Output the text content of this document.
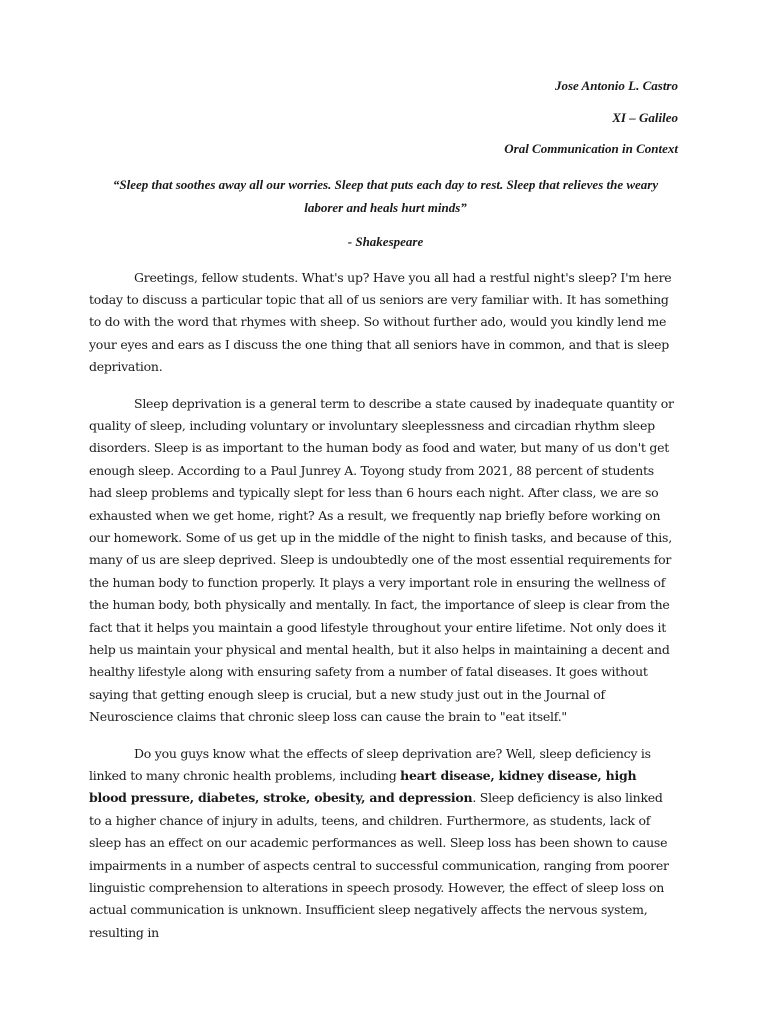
Jose Antonio L. Castro
XI – Galileo
Oral Communication in Context
“Sleep that soothes away all our worries. Sleep that puts each day to rest. Sleep that relieves the weary laborer and heals hurt minds”
- Shakespeare

Greetings, fellow students. What's up? Have you all had a restful night's sleep? I'm here today to discuss a particular topic that all of us seniors are very familiar with. It has something to do with the word that rhymes with sheep. So without further ado, would you kindly lend me your eyes and ears as I discuss the one thing that all seniors have in common, and that is sleep deprivation.

Sleep deprivation is a general term to describe a state caused by inadequate quantity or quality of sleep, including voluntary or involuntary sleeplessness and circadian rhythm sleep disorders. Sleep is as important to the human body as food and water, but many of us don't get enough sleep. According to a Paul Junrey A. Toyong study from 2021, 88 percent of students had sleep problems and typically slept for less than 6 hours each night. After class, we are so exhausted when we get home, right? As a result, we frequently nap briefly before working on our homework. Some of us get up in the middle of the night to finish tasks, and because of this, many of us are sleep deprived. Sleep is undoubtedly one of the most essential requirements for the human body to function properly. It plays a very important role in ensuring the wellness of the human body, both physically and mentally. In fact, the importance of sleep is clear from the fact that it helps you maintain a good lifestyle throughout your entire lifetime. Not only does it help us maintain your physical and mental health, but it also helps in maintaining a decent and healthy lifestyle along with ensuring safety from a number of fatal diseases. It goes without saying that getting enough sleep is crucial, but a new study just out in the Journal of Neuroscience claims that chronic sleep loss can cause the brain to "eat itself."

Do you guys know what the effects of sleep deprivation are? Well, sleep deficiency is linked to many chronic health problems, including heart disease, kidney disease, high blood pressure, diabetes, stroke, obesity, and depression. Sleep deficiency is also linked to a higher chance of injury in adults, teens, and children. Furthermore, as students, lack of sleep has an effect on our academic performances as well. Sleep loss has been shown to cause impairments in a number of aspects central to successful communication, ranging from poorer linguistic comprehension to alterations in speech prosody. However, the effect of sleep loss on actual communication is unknown. Insufficient sleep negatively affects the nervous system, resulting in
